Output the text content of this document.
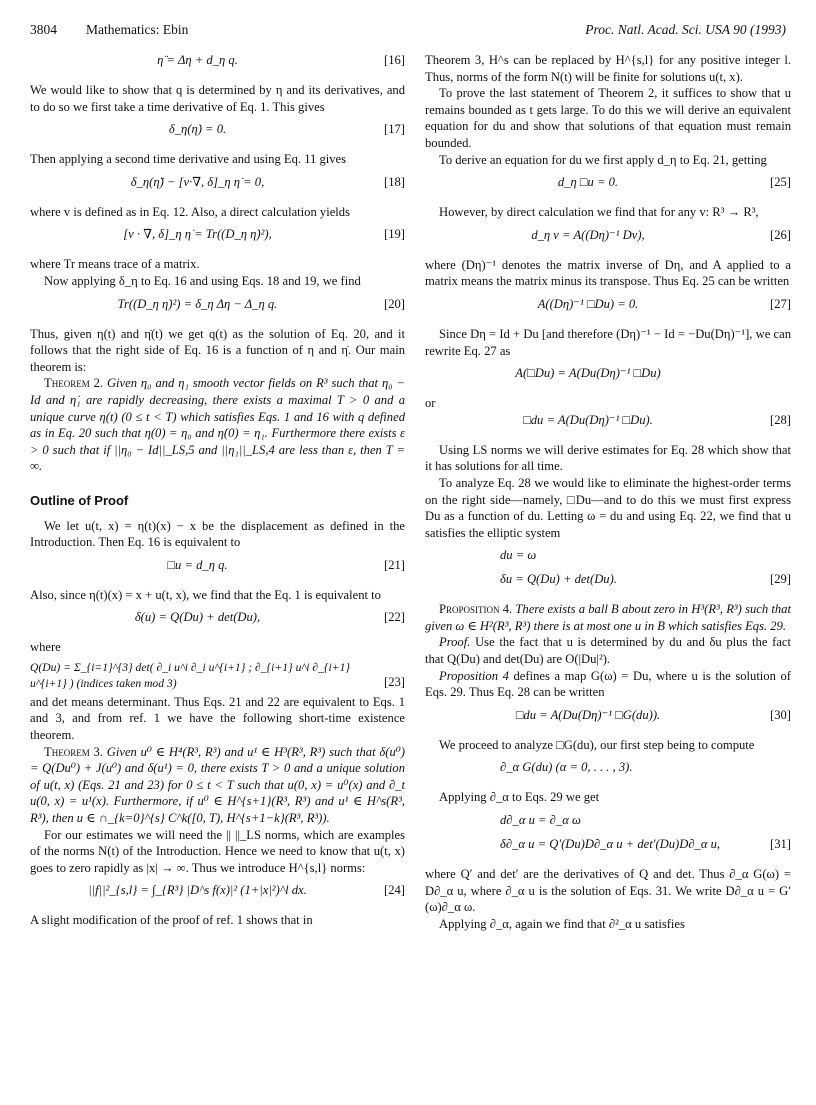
3804 Mathematics: Ebin	Proc. Natl. Acad. Sci. USA 90 (1993)
η̈ = Δη + d_η q.	[16]

We would like to show that q is determined by η and its derivatives, and to do so we first take a time derivative of Eq. 1. This gives

δ_η(η̇) = 0.	[17]

Then applying a second time derivative and using Eq. 11 gives

δ_η(η̈) − [v·∇, δ]_η η̇ = 0,	[18]

where v is defined as in Eq. 12. Also, a direct calculation yields

[v · ∇, δ]_η η̇ = Tr((D_η η̇)²),	[19]

where Tr means trace of a matrix.

Now applying δ_η to Eq. 16 and using Eqs. 18 and 19, we find

Tr((D_η η̇)²) = δ_η Δη − Δ_η q.	[20]

Thus, given η(t) and η̇(t) we get q(t) as the solution of Eq. 20, and it follows that the right side of Eq. 16 is a function of η and η̇. Our main theorem is:

Theorem 2. Given η₀ and η₁ smooth vector fields on R³ such that η₀ − Id and η̇₁ are rapidly decreasing, there exists a maximal T > 0 and a unique curve η(t) (0 ≤ t < T) which satisfies Eqs. 1 and 16 with q defined as in Eq. 20 such that η(0) = η₀ and η̇(0) = η₁. Furthermore there exists ε > 0 such that if ||η₀ − Id||_LS,5 and ||η₁||_LS,4 are less than ε, then T = ∞.

Outline of Proof

We let u(t, x) = η(t)(x) − x be the displacement as defined in the Introduction. Then Eq. 16 is equivalent to

□u = d_η q.	[21]

Also, since η(t)(x) = x + u(t, x), we find that the Eq. 1 is equivalent to

δ(u) = Q(Du) + det(Du),	[22]

where

Q(Du) = Σ_{i=1}^{3} det( ∂_i u^i ∂_i u^{i+1} ; ∂_{i+1} u^i ∂_{i+1} u^{i+1} ) (indices taken mod 3)	[23]

and det means determinant. Thus Eqs. 21 and 22 are equivalent to Eqs. 1 and 3, and from ref. 1 we have the following short-time existence theorem.

Theorem 3. Given u⁰ ∈ H⁴(R³, R³) and u¹ ∈ H³(R³, R³) such that δ(u⁰) = Q(Du⁰) + J(u⁰) and δ(u¹) = 0, there exists T > 0 and a unique solution of u(t, x) (Eqs. 21 and 23) for 0 ≤ t < T such that u(0, x) = u⁰(x) and ∂_t u(0, x) = u¹(x). Furthermore, if u⁰ ∈ H^{s+1}(R³, R³) and u¹ ∈ H^s(R³, R³), then u ∈ ∩_{k=0}^{s} C^k([0, T), H^{s+1−k}(R³, R³)).

For our estimates we will need the || ||_LS norms, which are examples of the norms N(t) of the Introduction. Hence we need to know that u(t, x) goes to zero rapidly as |x| → ∞. Thus we introduce H^{s,l} norms:

||f||²_{s,l} = ∫_{R³} |D^s f(x)|² (1+|x|²)^l dx.	[24]

A slight modification of the proof of ref. 1 shows that in

Theorem 3, H^s can be replaced by H^{s,l} for any positive integer l. Thus, norms of the form N(t) will be finite for solutions u(t, x).

To prove the last statement of Theorem 2, it suffices to show that u remains bounded as t gets large. To do this we will derive an equivalent equation for du and show that solutions of that equation must remain bounded.

To derive an equation for du we first apply d_η to Eq. 21, getting

d_η □u = 0.	[25]

However, by direct calculation we find that for any v: R³ → R³,

d_η v = A((Dη)⁻¹ Dv),	[26]

where (Dη)⁻¹ denotes the matrix inverse of Dη, and A applied to a matrix means the matrix minus its transpose. Thus Eq. 25 can be written

A((Dη)⁻¹ □Du) = 0.	[27]

Since Dη = Id + Du [and therefore (Dη)⁻¹ − Id = −Du(Dη)⁻¹], we can rewrite Eq. 27 as

A(□Du) = A(Du(Dη)⁻¹ □Du)

or

□du = A(Du(Dη)⁻¹ □Du).	[28]

Using LS norms we will derive estimates for Eq. 28 which show that it has solutions for all time.

To analyze Eq. 28 we would like to eliminate the highest-order terms on the right side—namely, □Du—and to do this we must first express Du as a function of du. Letting ω = du and using Eq. 22, we find that u satisfies the elliptic system

du = ω
δu = Q(Du) + det(Du).	[29]

Proposition 4. There exists a ball B about zero in H³(R³, R³) such that given ω ∈ H²(R³, R³) there is at most one u in B which satisfies Eqs. 29.

Proof. Use the fact that u is determined by du and δu plus the fact that Q(Du) and det(Du) are O(|Du|²).

Proposition 4 defines a map G(ω) = Du, where u is the solution of Eqs. 29. Thus Eq. 28 can be written

□du = A(Du(Dη)⁻¹ □G(du)).	[30]

We proceed to analyze □G(du), our first step being to compute

∂_α G(du) (α = 0, . . . , 3).

Applying ∂_α to Eqs. 29 we get

d∂_α u = ∂_α ω
δ∂_α u = Q′(Du)D∂_α u + det′(Du)D∂_α u,	[31]

where Q′ and det′ are the derivatives of Q and det. Thus ∂_α G(ω) = D∂_α u, where ∂_α u is the solution of Eqs. 31. We write D∂_α u = G′(ω)∂_α ω.

Applying ∂_α, again we find that ∂²_α u satisfies
